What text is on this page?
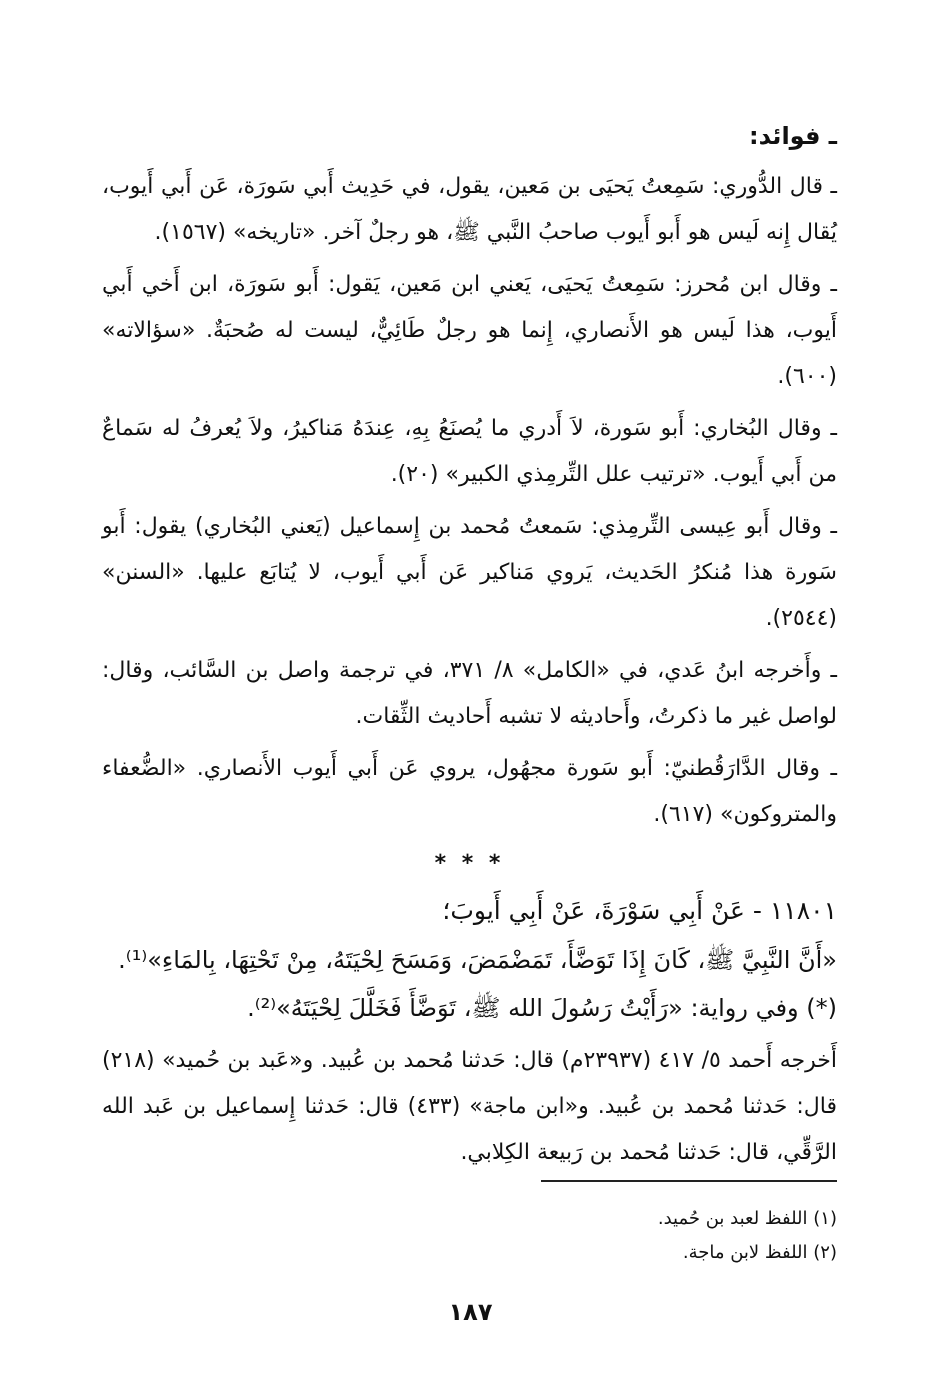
ـ فوائد:

ـ قال الدُّوري: سَمِعتُ يَحيَى بن مَعين، يقول، في حَدِيث أَبي سَورَة، عَن أَبي أَيوب، يُقال إِنه لَيس هو أَبو أَيوب صاحبُ النَّبي ﷺ، هو رجلٌ آخر. «تاريخه» (١٥٦٧).

ـ وقال ابن مُحرز: سَمِعتُ يَحيَى، يَعني ابن مَعين، يَقول: أَبو سَورَة، ابن أَخي أَبي أَيوب، هذا لَيس هو الأَنصاري، إِنما هو رجلٌ طَائِيٌّ، ليست له صُحبَةٌ. «سؤالاته» (٦٠٠).

ـ وقال البُخاري: أَبو سَورة، لاَ أَدري ما يُصنَعُ بِهِ، عِندَهُ مَناكيرُ، ولاَ يُعرفُ له سَماعٌ من أَبي أَيوب. «ترتيب علل التِّرمِذي الكبير» (٢٠).

ـ وقال أَبو عِيسى التِّرمِذي: سَمعتُ مُحمد بن إِسماعيل (يَعني البُخاري) يقول: أَبو سَورة هذا مُنكرُ الحَديث، يَروي مَناكير عَن أَبي أَيوب، لا يُتابَع عليها. «السنن» (٢٥٤٤).

ـ وأَخرجه ابنُ عَدي، في «الكامل» ٨/ ٣٧١، في ترجمة واصل بن السَّائب، وقال: لواصل غير ما ذكرتُ، وأَحاديثه لا تشبه أَحاديث الثِّقات.

ـ وقال الدَّارَقُطنيّ: أَبو سَورة مجهُول، يروي عَن أَبي أَيوب الأَنصاري. «الضُّعفاء والمتروكون» (٦١٧).

* * *

١١٨٠١ - عَنْ أَبِي سَوْرَةَ، عَنْ أَبِي أَيوبَ؛

«أَنَّ النَّبِيَّ ﷺ، كَانَ إِذَا تَوَضَّأَ، تَمَضْمَضَ، وَمَسَحَ لِحْيَتَهُ، مِنْ تَحْتِهَا، بِالمَاءِ»⁽¹⁾.

(*) وفي رواية: «رَأَيْتُ رَسُولَ الله ﷺ، تَوَضَّأَ فَخَلَّلَ لِحْيَتَهُ»⁽²⁾.

أَخرجه أَحمد ٥/ ٤١٧ (٢٣٩٣٧م) قال: حَدثنا مُحمد بن عُبيد. و«عَبد بن حُميد» (٢١٨) قال: حَدثنا مُحمد بن عُبيد. و«ابن ماجة» (٤٣٣) قال: حَدثنا إِسماعيل بن عَبد الله الرَّقِّي، قال: حَدثنا مُحمد بن رَبيعة الكِلابي.

(١) اللفظ لعبد بن حُميد.

(٢) اللفظ لابن ماجة.

١٨٧
